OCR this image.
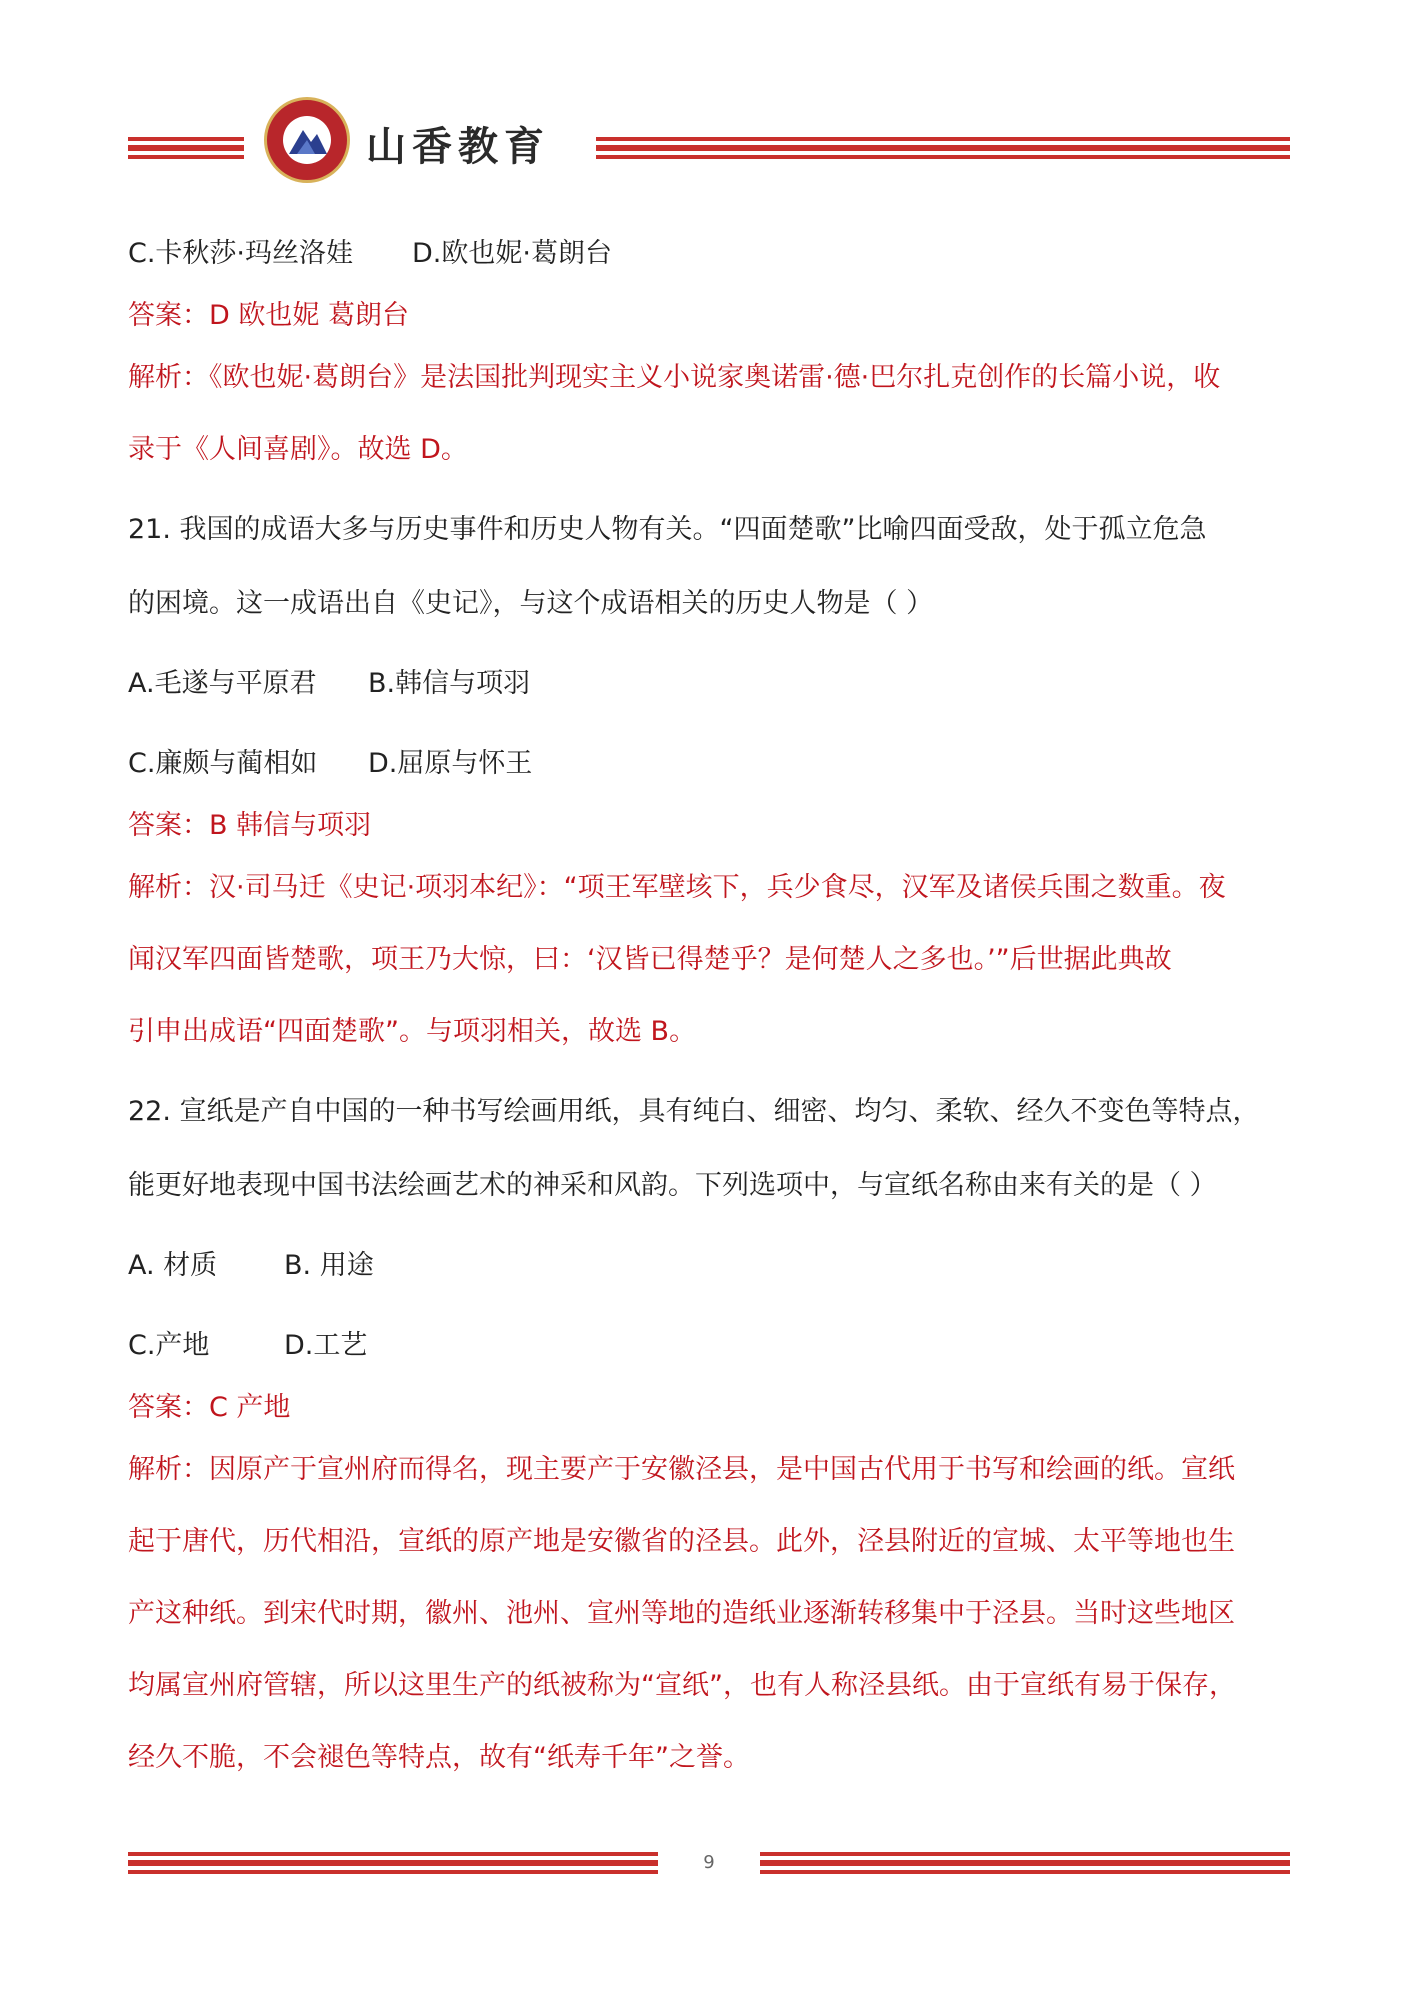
山香教育
C.卡秋莎·玛丝洛娃	D.欧也妮·葛朗台
答案：D 欧也妮 葛朗台
解析：《欧也妮·葛朗台》是法国批判现实主义小说家奥诺雷·德·巴尔扎克创作的长篇小说，收
录于《人间喜剧》。故选 D。
21. 我国的成语大多与历史事件和历史人物有关。“四面楚歌”比喻四面受敌，处于孤立危急
的困境。这一成语出自《史记》，与这个成语相关的历史人物是（ ）
A.毛遂与平原君	B.韩信与项羽
C.廉颇与蔺相如	D.屈原与怀王
答案：B 韩信与项羽
解析：汉·司马迁《史记·项羽本纪》：“项王军壁垓下，兵少食尽，汉军及诸侯兵围之数重。夜
闻汉军四面皆楚歌，项王乃大惊，曰：‘汉皆已得楚乎？是何楚人之多也。’”后世据此典故
引申出成语“四面楚歌”。与项羽相关，故选 B。
22. 宣纸是产自中国的一种书写绘画用纸，具有纯白、细密、均匀、柔软、经久不变色等特点，
能更好地表现中国书法绘画艺术的神采和风韵。下列选项中，与宣纸名称由来有关的是（ ）
A. 材质	B. 用途
C.产地	D.工艺
答案：C 产地
解析：因原产于宣州府而得名，现主要产于安徽泾县，是中国古代用于书写和绘画的纸。宣纸
起于唐代，历代相沿，宣纸的原产地是安徽省的泾县。此外，泾县附近的宣城、太平等地也生
产这种纸。到宋代时期，徽州、池州、宣州等地的造纸业逐渐转移集中于泾县。当时这些地区
均属宣州府管辖，所以这里生产的纸被称为“宣纸”，也有人称泾县纸。由于宣纸有易于保存，
经久不脆，不会褪色等特点，故有“纸寿千年”之誉。
9
